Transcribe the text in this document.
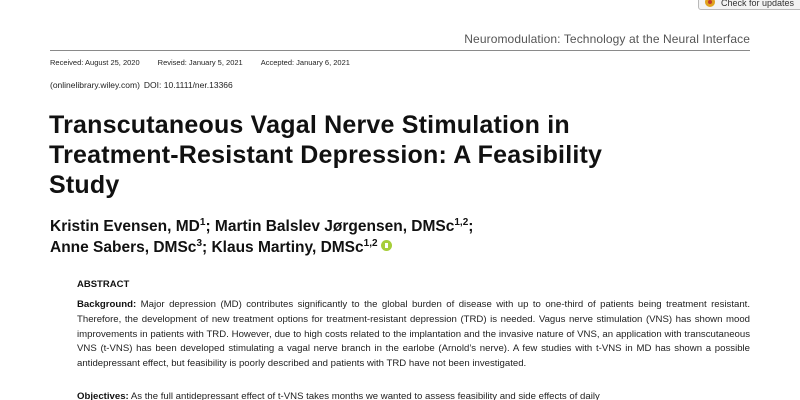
Check for updates
Neuromodulation: Technology at the Neural Interface
Received: August 25, 2020 Revised: January 5, 2021 Accepted: January 6, 2021
(onlinelibrary.wiley.com) DOI: 10.1111/ner.13366
Transcutaneous Vagal Nerve Stimulation in
Treatment-Resistant Depression: A Feasibility
Study
Kristin Evensen, $MD^1$; Martin Balslev Jørgensen, DMSc$^{1,2}$;
Anne Sabers, DMSc$^3$; Klaus Martiny, DMSc$^{1,2}$
ABSTRACT

Background: Major depression (MD) contributes significantly to the global burden of disease with up to one-third of patients being treatment resistant. Therefore, the development of new treatment options for treatment-resistant depression (TRD) is needed. Vagus nerve stimulation (VNS) has shown mood improvements in patients with TRD. However, due to high costs related to the implantation and the invasive nature of VNS, an application with transcutaneous VNS (t-VNS) has been developed stimulating a vagal nerve branch in the earlobe (Arnold’s nerve). A few studies with t-VNS in MD has shown a possible antidepressant effect, but feasibility is poorly described and patients with TRD have not been investigated.

Objectives: As the full antidepressant effect of t-VNS takes months we wanted to assess feasibility and side effects of daily
